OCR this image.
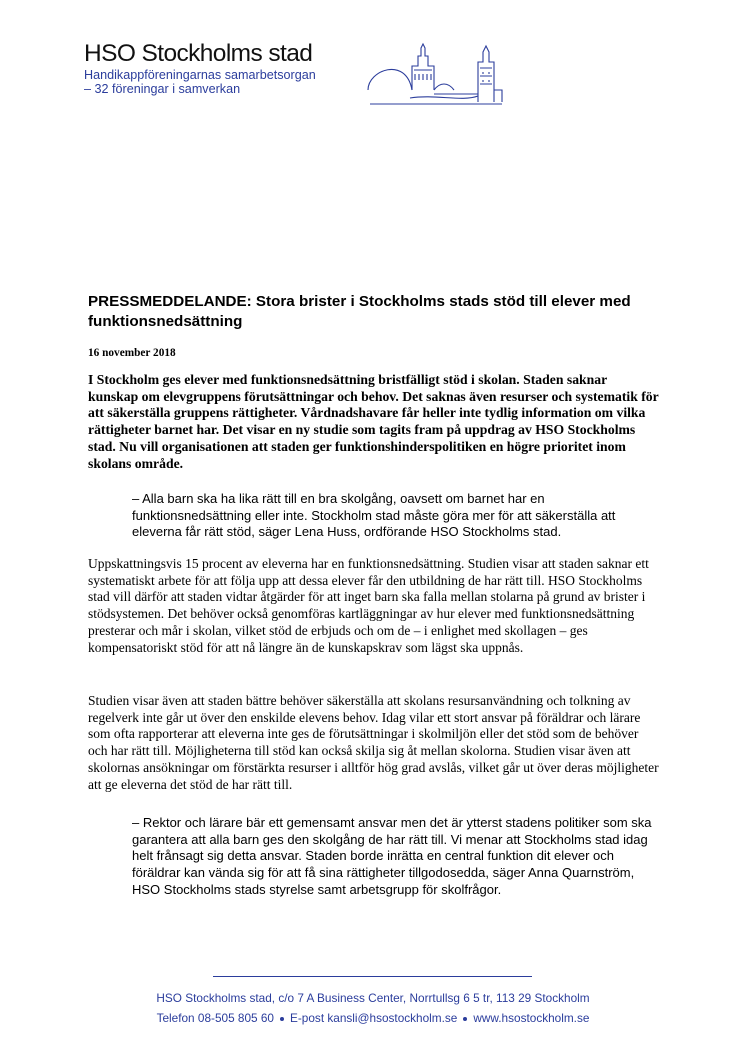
HSO Stockholms stad
Handikappföreningarnas samarbetsorgan
– 32 föreningar i samverkan
PRESSMEDDELANDE: Stora brister i Stockholms stads stöd till elever med funktionsnedsättning
16 november 2018
I Stockholm ges elever med funktionsnedsättning bristfälligt stöd i skolan. Staden saknar kunskap om elevgruppens förutsättningar och behov. Det saknas även resurser och systematik för att säkerställa gruppens rättigheter. Vårdnadshavare får heller inte tydlig information om vilka rättigheter barnet har. Det visar en ny studie som tagits fram på uppdrag av HSO Stockholms stad. Nu vill organisationen att staden ger funktionshinderspolitiken en högre prioritet inom skolans område.
– Alla barn ska ha lika rätt till en bra skolgång, oavsett om barnet har en funktionsnedsättning eller inte. Stockholm stad måste göra mer för att säkerställa att eleverna får rätt stöd, säger Lena Huss, ordförande HSO Stockholms stad.
Uppskattningsvis 15 procent av eleverna har en funktionsnedsättning. Studien visar att staden saknar ett systematiskt arbete för att följa upp att dessa elever får den utbildning de har rätt till. HSO Stockholms stad vill därför att staden vidtar åtgärder för att inget barn ska falla mellan stolarna på grund av brister i stödsystemen. Det behöver också genomföras kartläggningar av hur elever med funktionsnedsättning presterar och mår i skolan, vilket stöd de erbjuds och om de – i enlighet med skollagen – ges kompensatoriskt stöd för att nå längre än de kunskapskrav som lägst ska uppnås.
Studien visar även att staden bättre behöver säkerställa att skolans resursanvändning och tolkning av regelverk inte går ut över den enskilde elevens behov. Idag vilar ett stort ansvar på föräldrar och lärare som ofta rapporterar att eleverna inte ges de förutsättningar i skolmiljön eller det stöd som de behöver och har rätt till. Möjligheterna till stöd kan också skilja sig åt mellan skolorna. Studien visar även att skolornas ansökningar om förstärkta resurser i alltför hög grad avslås, vilket går ut över deras möjligheter att ge eleverna det stöd de har rätt till.
– Rektor och lärare bär ett gemensamt ansvar men det är ytterst stadens politiker som ska garantera att alla barn ges den skolgång de har rätt till. Vi menar att Stockholms stad idag helt frånsagt sig detta ansvar. Staden borde inrätta en central funktion dit elever och föräldrar kan vända sig för att få sina rättigheter tillgodosedda, säger Anna Quarnström, HSO Stockholms stads styrelse samt arbetsgrupp för skolfrågor.
HSO Stockholms stad, c/o 7 A Business Center, Norrtullsg 6 5 tr, 113 29 Stockholm
Telefon 08-505 805 60 E-post kansli@hsostockholm.se www.hsostockholm.se
